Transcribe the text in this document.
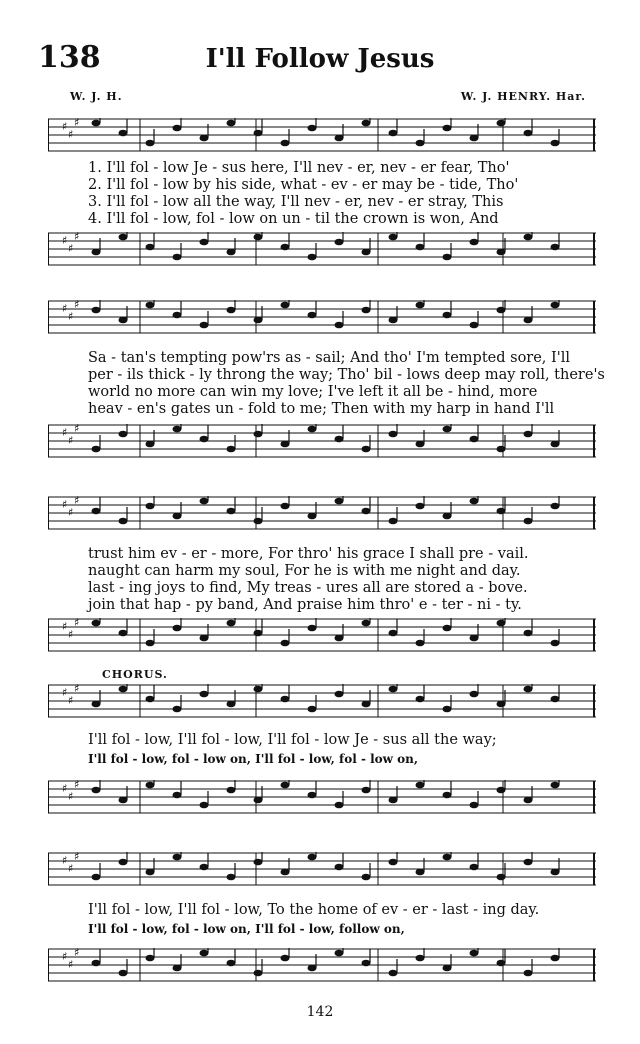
138	I'll Follow Jesus
W. J. H.	W. J. HENRY. Har.
♯
♯
♯
1. I'll fol - low Je - sus here, I'll nev - er, nev - er fear, Tho'
2. I'll fol - low by his side, what - ev - er may be - tide, Tho'
3. I'll fol - low all the way, I'll nev - er, nev - er stray, This
4. I'll fol - low, fol - low on un - til the crown is won, And
♯
♯
♯
♯
♯
♯
Sa - tan's tempting pow'rs as - sail; And tho' I'm tempted sore, I'll
per - ils thick - ly throng the way; Tho' bil - lows deep may roll, there's
world no more can win my love; I've left it all be - hind, more
heav - en's gates un - fold to me; Then with my harp in hand I'll
♯
♯
♯
♯
♯
♯
trust him ev - er - more, For thro' his grace I shall pre - vail.
naught can harm my soul, For he is with me night and day.
last - ing joys to find, My treas - ures all are stored a - bove.
join that hap - py band, And praise him thro' e - ter - ni - ty.
♯
♯
♯
CHORUS.
♯
♯
♯
I'll fol - low, I'll fol - low, I'll fol - low Je - sus all the way;
I'll fol - low, fol - low on, I'll fol - low, fol - low on,
♯
♯
♯
♯
♯
♯
I'll fol - low, I'll fol - low, To the home of ev - er - last - ing day.
I'll fol - low, fol - low on, I'll fol - low, follow on,
♯
♯
♯
142
